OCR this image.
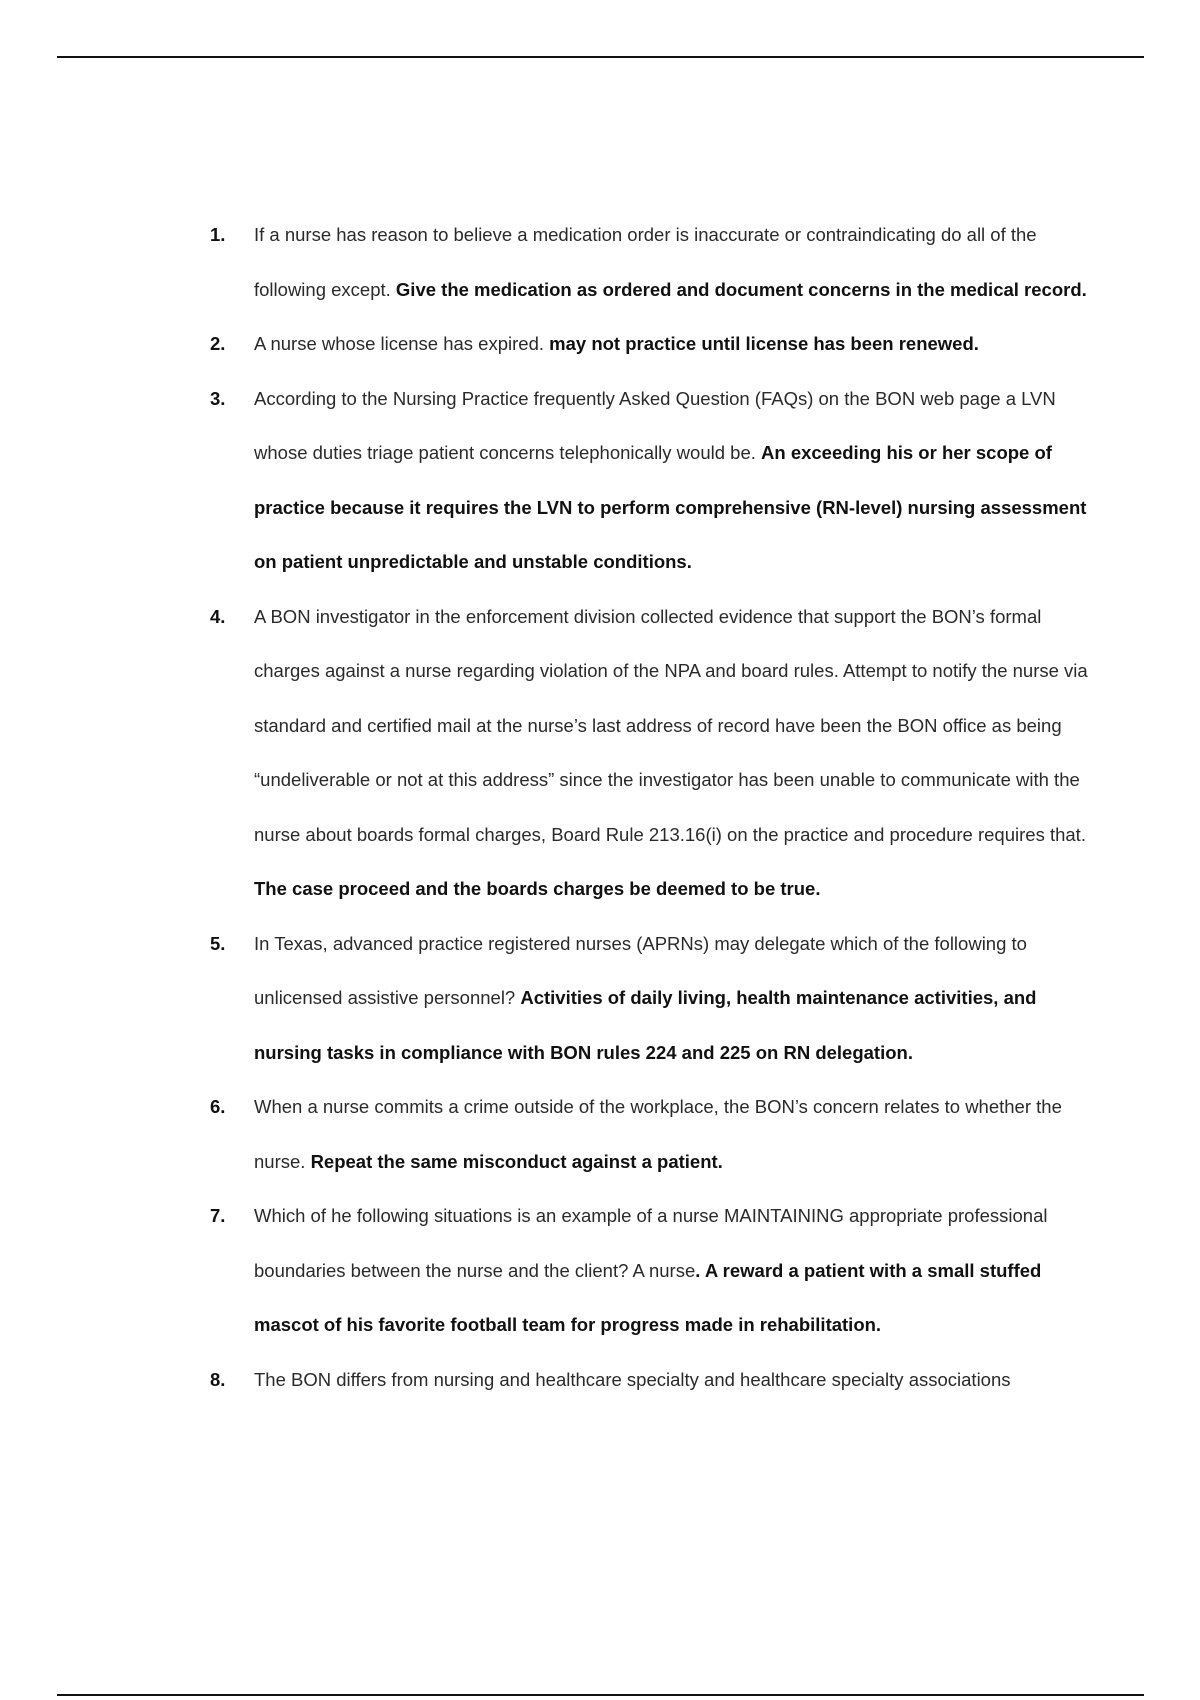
1. If a nurse has reason to believe a medication order is inaccurate or contraindicating do all of the following except. Give the medication as ordered and document concerns in the medical record.
2. A nurse whose license has expired. may not practice until license has been renewed.
3. According to the Nursing Practice frequently Asked Question (FAQs) on the BON web page a LVN whose duties triage patient concerns telephonically would be. An exceeding his or her scope of practice because it requires the LVN to perform comprehensive (RN-level) nursing assessment on patient unpredictable and unstable conditions.
4. A BON investigator in the enforcement division collected evidence that support the BON’s formal charges against a nurse regarding violation of the NPA and board rules. Attempt to notify the nurse via standard and certified mail at the nurse’s last address of record have been the BON office as being “undeliverable or not at this address” since the investigator has been unable to communicate with the nurse about boards formal charges, Board Rule 213.16(i) on the practice and procedure requires that. The case proceed and the boards charges be deemed to be true.
5. In Texas, advanced practice registered nurses (APRNs) may delegate which of the following to unlicensed assistive personnel? Activities of daily living, health maintenance activities, and nursing tasks in compliance with BON rules 224 and 225 on RN delegation.
6. When a nurse commits a crime outside of the workplace, the BON’s concern relates to whether the nurse. Repeat the same misconduct against a patient.
7. Which of he following situations is an example of a nurse MAINTAINING appropriate professional boundaries between the nurse and the client? A nurse. A reward a patient with a small stuffed mascot of his favorite football team for progress made in rehabilitation.
8. The BON differs from nursing and healthcare specialty and healthcare specialty associations
